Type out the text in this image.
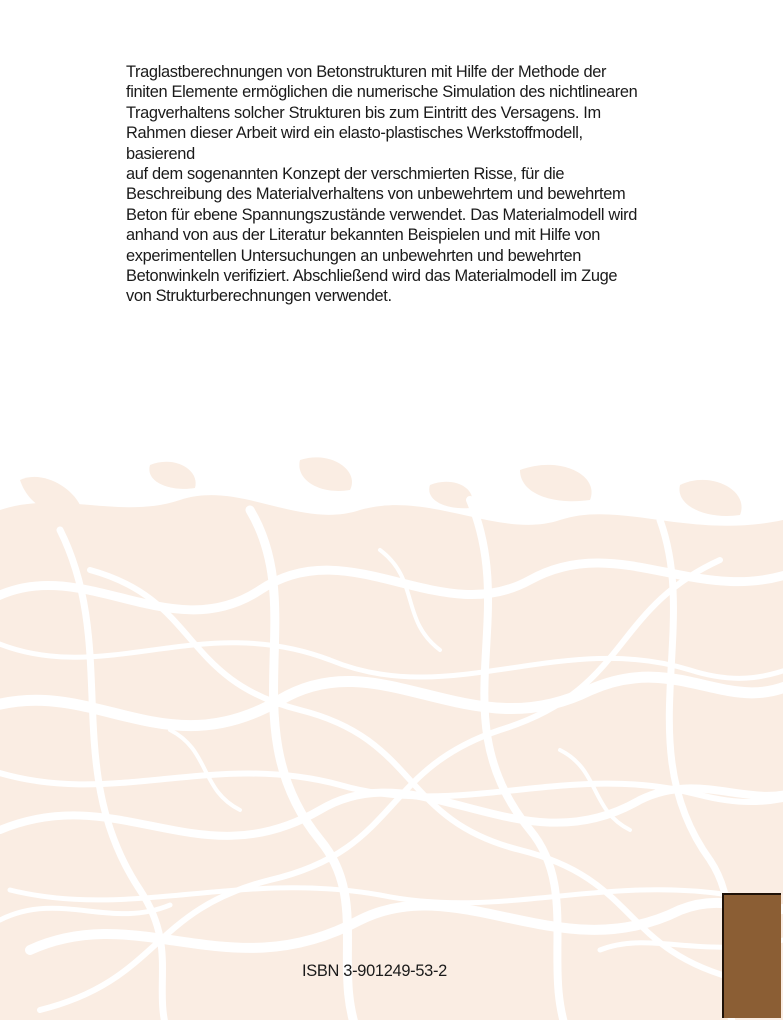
Traglastberechnungen von Betonstrukturen mit Hilfe der Methode der
finiten Elemente ermöglichen die numerische Simulation des nichtlinearen
Tragverhaltens solcher Strukturen bis zum Eintritt des Versagens. Im
Rahmen dieser Arbeit wird ein elasto-plastisches Werkstoffmodell, basierend
auf dem sogenannten Konzept der verschmierten Risse, für die
Beschreibung des Materialverhaltens von unbewehrtem und bewehrtem
Beton für ebene Spannungszustände verwendet. Das Materialmodell wird
anhand von aus der Literatur bekannten Beispielen und mit Hilfe von
experimentellen Untersuchungen an unbewehrten und bewehrten
Betonwinkeln verifiziert. Abschließend wird das Materialmodell im Zuge
von Strukturberechnungen verwendet.

ISBN 3-901249-53-2
